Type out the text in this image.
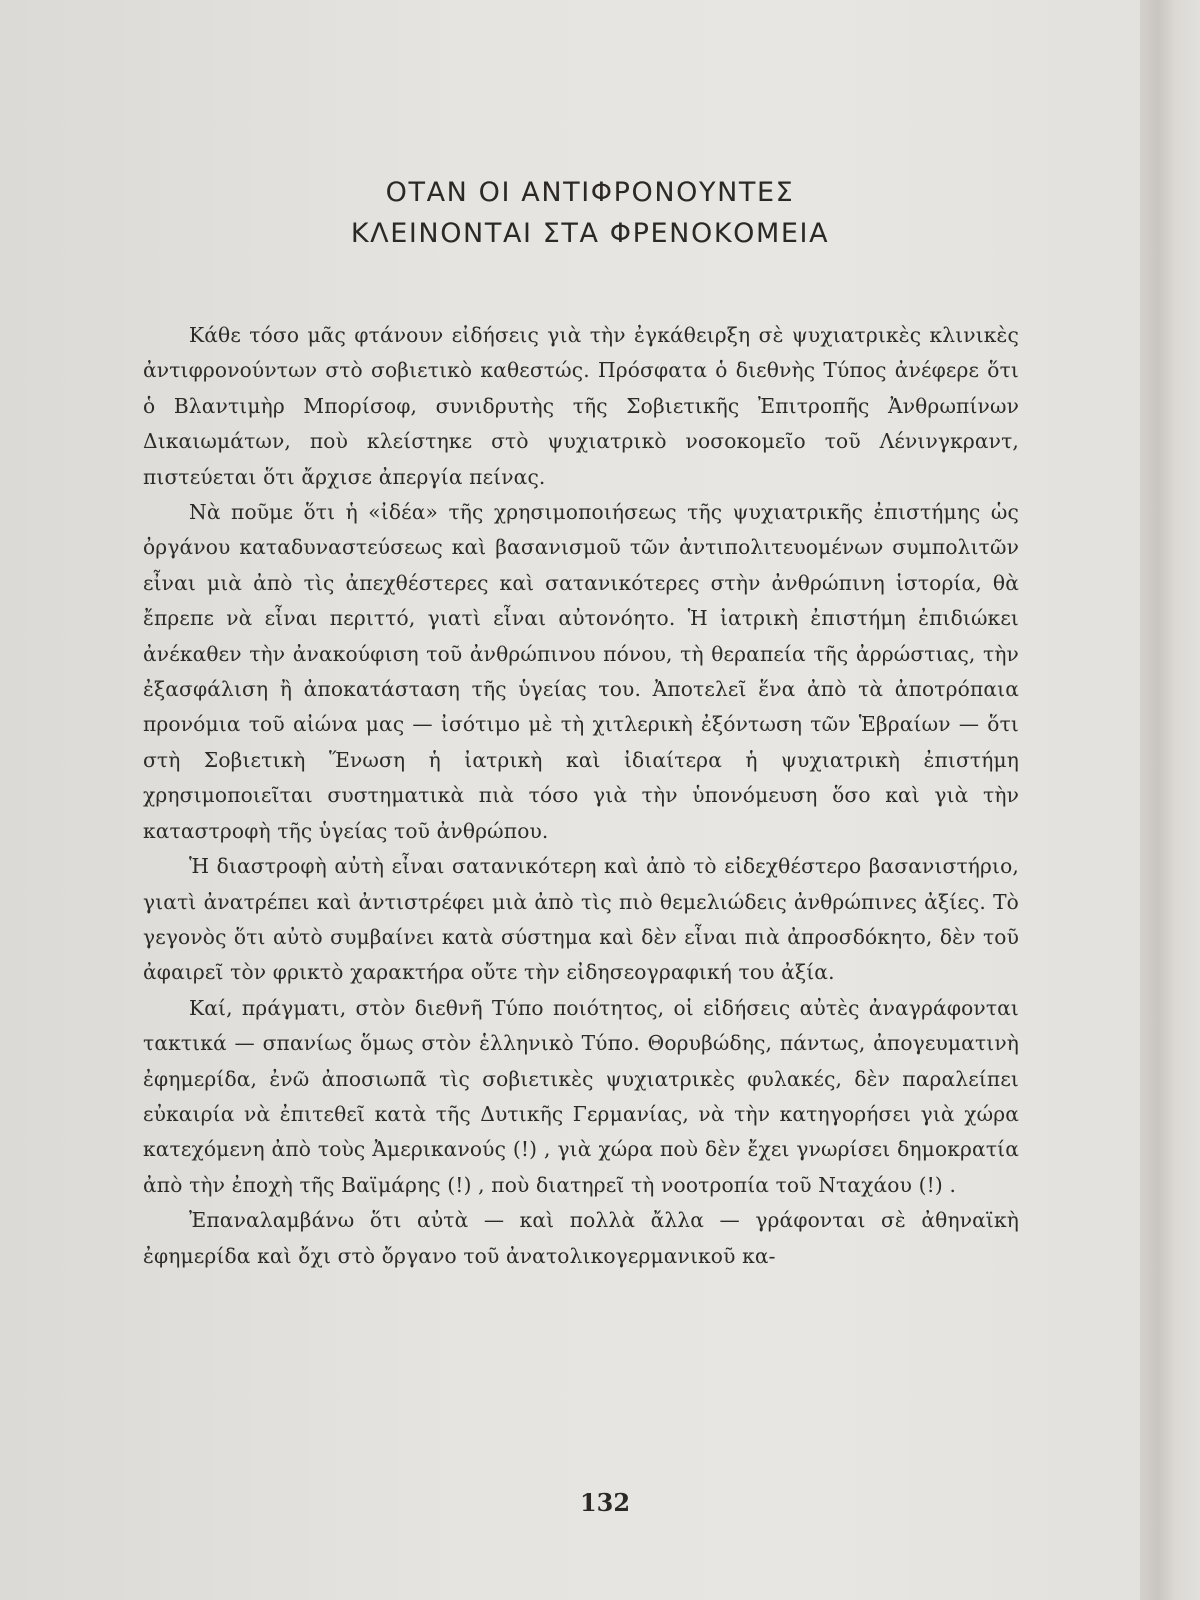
ΟΤΑΝ ΟΙ ΑΝΤΙΦΡΟΝΟΥΝΤΕΣ
ΚΛΕΙΝΟΝΤΑΙ ΣΤΑ ΦΡΕΝΟΚΟΜΕΙΑ

Κάθε τόσο μᾶς φτάνουν εἰδήσεις γιὰ τὴν ἐγκάθειρξη σὲ ψυχιατρικὲς κλινικὲς ἀντιφρονούντων στὸ σοβιετικὸ καθεστώς. Πρόσφατα ὁ διεθνὴς Τύπος ἀνέφερε ὅτι ὁ Βλαντιμὴρ Μπορίσοφ, συνιδρυτὴς τῆς Σοβιετικῆς Ἐπιτροπῆς Ἀνθρωπίνων Δικαιωμάτων, ποὺ κλείστηκε στὸ ψυχιατρικὸ νοσοκομεῖο τοῦ Λένινγκραντ, πιστεύεται ὅτι ἄρχισε ἀπεργία πείνας.

Νὰ ποῦμε ὅτι ἡ «ἰδέα» τῆς χρησιμοποιήσεως τῆς ψυχιατρικῆς ἐπιστήμης ὡς ὀργάνου καταδυναστεύσεως καὶ βασανισμοῦ τῶν ἀντιπολιτευομένων συμπολιτῶν εἶναι μιὰ ἀπὸ τὶς ἀπεχθέστερες καὶ σατανικότερες στὴν ἀνθρώπινη ἱστορία, θὰ ἔπρεπε νὰ εἶναι περιττό, γιατὶ εἶναι αὐτονόητο. Ἡ ἰατρικὴ ἐπιστήμη ἐπιδιώκει ἀνέκαθεν τὴν ἀνακούφιση τοῦ ἀνθρώπινου πόνου, τὴ θεραπεία τῆς ἀρρώστιας, τὴν ἐξασφάλιση ἢ ἀποκατάσταση τῆς ὑγείας του. Ἀποτελεῖ ἕνα ἀπὸ τὰ ἀποτρόπαια προνόμια τοῦ αἰώνα μας — ἰσότιμο μὲ τὴ χιτλερικὴ ἐξόντωση τῶν Ἑβραίων — ὅτι στὴ Σοβιετικὴ Ἕνωση ἡ ἰατρικὴ καὶ ἰδιαίτερα ἡ ψυχιατρικὴ ἐπιστήμη χρησιμοποιεῖται συστηματικὰ πιὰ τόσο γιὰ τὴν ὑπονόμευση ὅσο καὶ γιὰ τὴν καταστροφὴ τῆς ὑγείας τοῦ ἀνθρώπου.

Ἡ διαστροφὴ αὐτὴ εἶναι σατανικότερη καὶ ἀπὸ τὸ εἰδεχθέστερο βασανιστήριο, γιατὶ ἀνατρέπει καὶ ἀντιστρέφει μιὰ ἀπὸ τὶς πιὸ θεμελιώδεις ἀνθρώπινες ἀξίες. Τὸ γεγονὸς ὅτι αὐτὸ συμβαίνει κατὰ σύστημα καὶ δὲν εἶναι πιὰ ἀπροσδόκητο, δὲν τοῦ ἀφαιρεῖ τὸν φρικτὸ χαρακτήρα οὔτε τὴν εἰδησεογραφική του ἀξία.

Καί, πράγματι, στὸν διεθνῆ Τύπο ποιότητος, οἱ εἰδήσεις αὐτὲς ἀναγράφονται τακτικά — σπανίως ὅμως στὸν ἑλληνικὸ Τύπο. Θορυβώδης, πάντως, ἀπογευματινὴ ἐφημερίδα, ἐνῶ ἀποσιωπᾶ τὶς σοβιετικὲς ψυχιατρικὲς φυλακές, δὲν παραλείπει εὐκαιρία νὰ ἐπιτεθεῖ κατὰ τῆς Δυτικῆς Γερμανίας, νὰ τὴν κατηγορήσει γιὰ χώρα κατεχόμενη ἀπὸ τοὺς Ἀμερικανούς (!) , γιὰ χώρα ποὺ δὲν ἔχει γνωρίσει δημοκρατία ἀπὸ τὴν ἐποχὴ τῆς Βαϊμάρης (!) , ποὺ διατηρεῖ τὴ νοοτροπία τοῦ Νταχάου (!) .

Ἐπαναλαμβάνω ὅτι αὐτὰ — καὶ πολλὰ ἄλλα — γράφονται σὲ ἀθηναϊκὴ ἐφημερίδα καὶ ὄχι στὸ ὄργανο τοῦ ἀνατολικογερμανικοῦ κα-

132
